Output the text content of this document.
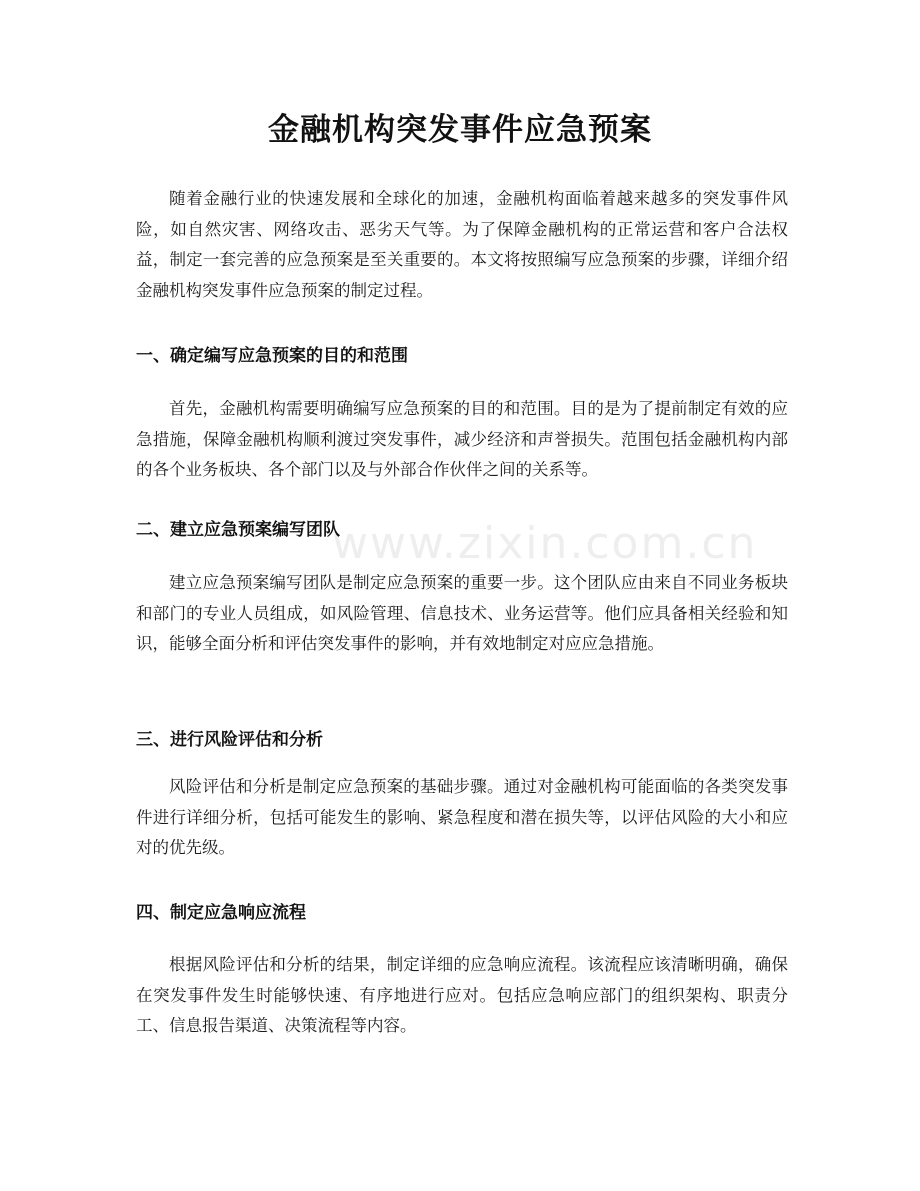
www.zixin.com.cn
金融机构突发事件应急预案

随着金融行业的快速发展和全球化的加速，金融机构面临着越来越多的突发事件风险，如自然灾害、网络攻击、恶劣天气等。为了保障金融机构的正常运营和客户合法权益，制定一套完善的应急预案是至关重要的。本文将按照编写应急预案的步骤，详细介绍金融机构突发事件应急预案的制定过程。

一、确定编写应急预案的目的和范围

首先，金融机构需要明确编写应急预案的目的和范围。目的是为了提前制定有效的应急措施，保障金融机构顺利渡过突发事件，减少经济和声誉损失。范围包括金融机构内部的各个业务板块、各个部门以及与外部合作伙伴之间的关系等。

二、建立应急预案编写团队

建立应急预案编写团队是制定应急预案的重要一步。这个团队应由来自不同业务板块和部门的专业人员组成，如风险管理、信息技术、业务运营等。他们应具备相关经验和知识，能够全面分析和评估突发事件的影响，并有效地制定对应应急措施。

三、进行风险评估和分析

风险评估和分析是制定应急预案的基础步骤。通过对金融机构可能面临的各类突发事件进行详细分析，包括可能发生的影响、紧急程度和潜在损失等，以评估风险的大小和应对的优先级。

四、制定应急响应流程

根据风险评估和分析的结果，制定详细的应急响应流程。该流程应该清晰明确，确保在突发事件发生时能够快速、有序地进行应对。包括应急响应部门的组织架构、职责分工、信息报告渠道、决策流程等内容。
